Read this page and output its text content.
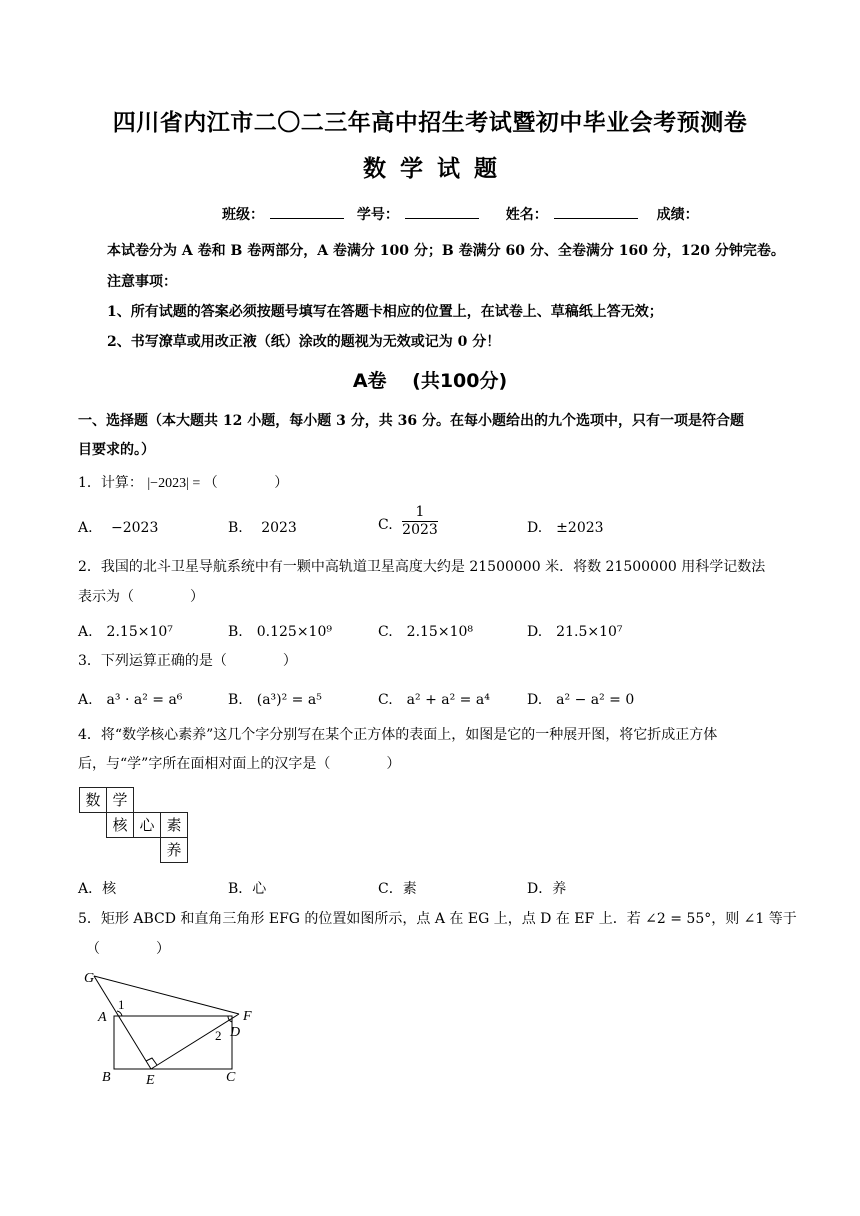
四川省内江市二〇二三年高中招生考试暨初中毕业会考预测卷
数学试题
班级：	学号：	姓名：	成绩：
本试卷分为 A 卷和 B 卷两部分，A 卷满分 100 分；B 卷满分 60 分、全卷满分 160 分，120 分钟完卷。
注意事项：
1、所有试题的答案必须按题号填写在答题卡相应的位置上，在试卷上、草稿纸上答无效；
2、书写潦草或用改正液（纸）涂改的题视为无效或记为 0 分！
A卷　 (共100分)
一、选择题（本大题共 12 小题，每小题 3 分，共 36 分。在每小题给出的九个选项中，只有一项是符合题
目要求的。）
1．计算： |−2023| = （	）
A.　 −2023	B.　 2023	C. $\frac{1}{2023}$	D.　±2023
2．我国的北斗卫星导航系统中有一颗中高轨道卫星高度大约是 21500000 米．将数 21500000 用科学记数法
表示为（　　　　）
A.　2.15×10⁷	B.　0.125×10⁹	C.　2.15×10⁸	D.　21.5×10⁷
3．下列运算正确的是（　　　　）
A.　a³ · a² = a⁶	B.　(a³)² = a⁵	C.　a² + a² = a⁴	D.　a² − a² = 0
4．将“数学核心素养”这几个字分别写在某个正方体的表面上，如图是它的一种展开图，将它折成正方体
后，与“学”字所在面相对面上的汉字是（　　　　）
数 学
核 心 素
养
A．核	B．心	C．素	D．养
5．矩形 ABCD 和直角三角形 EFG 的位置如图所示，点 A 在 EG 上，点 D 在 EF 上．若 ∠2 = 55°，则 ∠1 等于
（　　　　）
G
1
A	F
2 D
B	E	C
